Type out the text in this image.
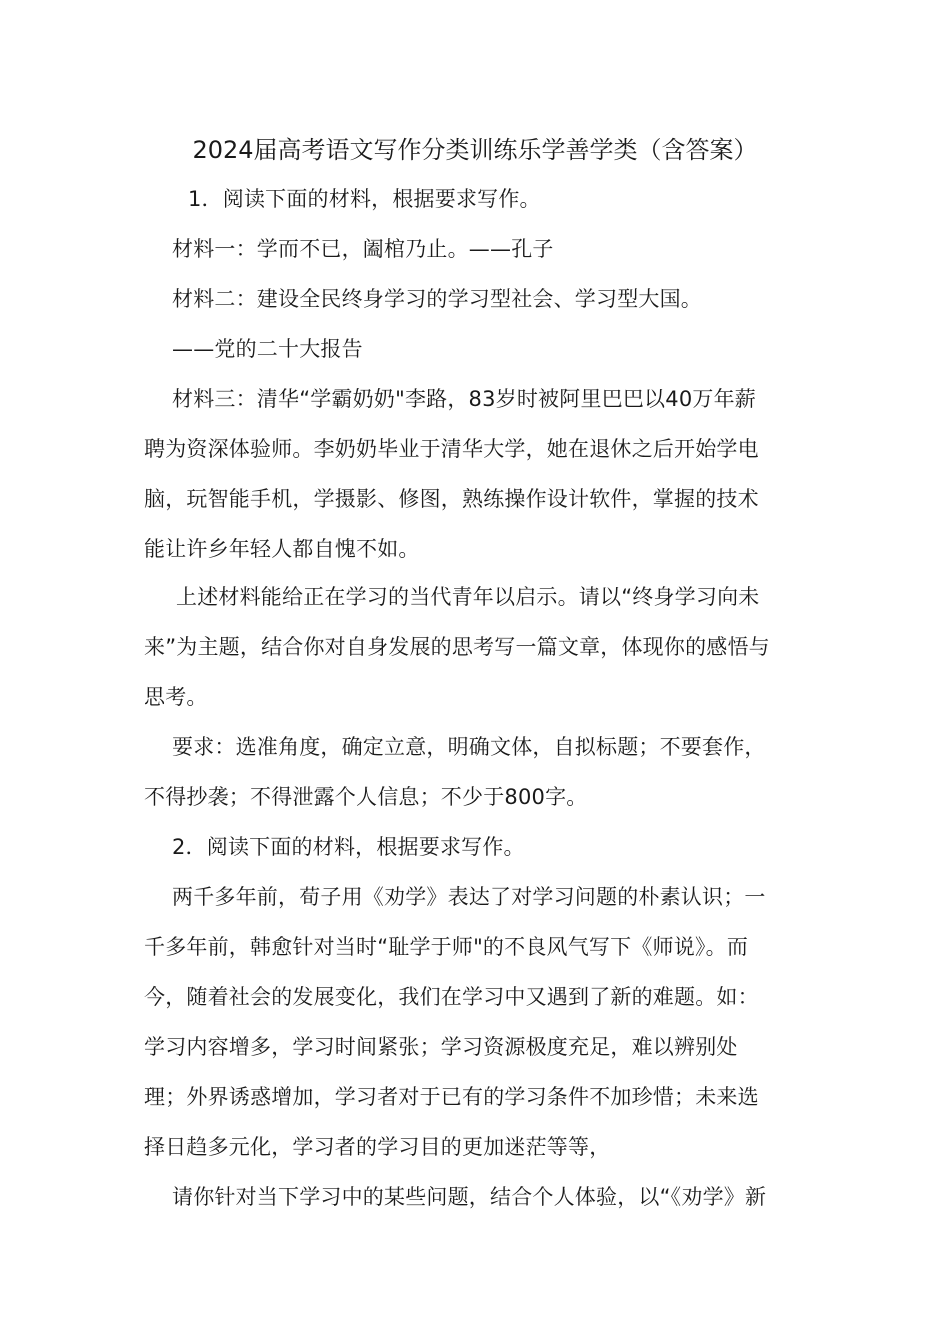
2024届高考语文写作分类训练乐学善学类（含答案）
1．阅读下面的材料，根据要求写作。
材料一：学而不已，阖棺乃止。——孔子
材料二：建设全民终身学习的学习型社会、学习型大国。
——党的二十大报告
材料三：清华“学霸奶奶"李路，83岁时被阿里巴巴以40万年薪
聘为资深体验师。李奶奶毕业于清华大学，她在退休之后开始学电
脑，玩智能手机，学摄影、修图，熟练操作设计软件，掌握的技术
能让许乡年轻人都自愧不如。
上述材料能给正在学习的当代青年以启示。请以“终身学习向未
来”为主题，结合你对自身发展的思考写一篇文章，体现你的感悟与
思考。
要求：选准角度，确定立意，明确文体，自拟标题；不要套作，
不得抄袭；不得泄露个人信息；不少于800字。
2．阅读下面的材料，根据要求写作。
两千多年前，荀子用《劝学》表达了对学习问题的朴素认识；一
千多年前，韩愈针对当时“耻学于师"的不良风气写下《师说》。而
今，随着社会的发展变化，我们在学习中又遇到了新的难题。如：
学习内容增多，学习时间紧张；学习资源极度充足，难以辨别处
理；外界诱惑增加，学习者对于已有的学习条件不加珍惜；未来选
择日趋多元化，学习者的学习目的更加迷茫等等，
请你针对当下学习中的某些问题，结合个人体验，以“《劝学》新
